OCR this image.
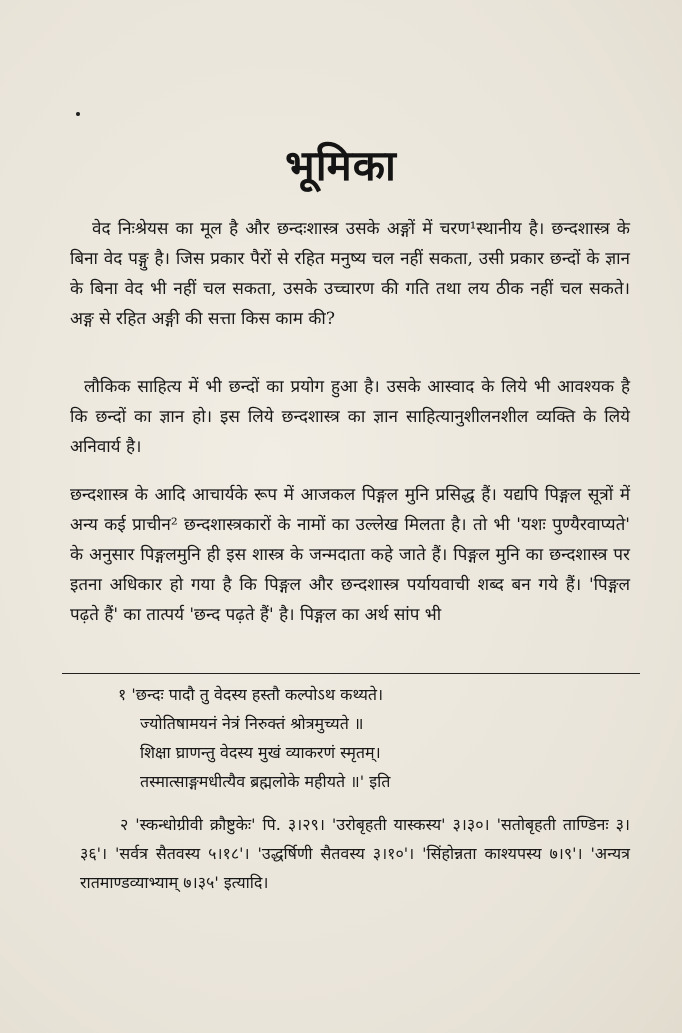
भूमिका
वेद निःश्रेयस का मूल है और छन्दःशास्त्र उसके अङ्गों में चरण¹स्थानीय है। छन्दशास्त्र के बिना वेद पङ्गु है। जिस प्रकार पैरों से रहित मनुष्य चल नहीं सकता, उसी प्रकार छन्दों के ज्ञान के बिना वेद भी नहीं चल सकता, उसके उच्चारण की गति तथा लय ठीक नहीं चल सकते। अङ्ग से रहित अङ्गी की सत्ता किस काम की?
लौकिक साहित्य में भी छन्दों का प्रयोग हुआ है। उसके आस्वाद के लिये भी आवश्यक है कि छन्दों का ज्ञान हो। इस लिये छन्दशास्त्र का ज्ञान साहित्यानुशीलनशील व्यक्ति के लिये अनिवार्य है।
छन्दशास्त्र के आदि आचार्यके रूप में आजकल पिङ्गल मुनि प्रसिद्ध हैं। यद्यपि पिङ्गल सूत्रों में अन्य कई प्राचीन² छन्दशास्त्रकारों के नामों का उल्लेख मिलता है। तो भी 'यशः पुण्यैरवाप्यते' के अनुसार पिङ्गलमुनि ही इस शास्त्र के जन्मदाता कहे जाते हैं। पिङ्गल मुनि का छन्दशास्त्र पर इतना अधिकार हो गया है कि पिङ्गल और छन्दशास्त्र पर्यायवाची शब्द बन गये हैं। 'पिङ्गल पढ़ते हैं' का तात्पर्य 'छन्द पढ़ते हैं' है। पिङ्गल का अर्थ सांप भी
१ 'छन्दः पादौ तु वेदस्य हस्तौ कल्पोऽथ कथ्यते।
ज्योतिषामयनं नेत्रं निरुक्तं श्रोत्रमुच्यते ॥
शिक्षा घ्राणन्तु वेदस्य मुखं व्याकरणं स्मृतम्।
तस्मात्साङ्गमधीत्यैव ब्रह्मलोके महीयते ॥' इति
२ 'स्कन्धोग्रीवी क्रौष्टुकेः' पि. ३।२९। 'उरोबृहती यास्कस्य' ३।३०। 'सतोबृहती ताण्डिनः ३।३६'। 'सर्वत्र सैतवस्य ५।१८'। 'उद्धर्षिणी सैतवस्य ३।१०'। 'सिंहोन्नता काश्यपस्य ७।९'। 'अन्यत्र रातमाण्डव्याभ्याम् ७।३५' इत्यादि।
